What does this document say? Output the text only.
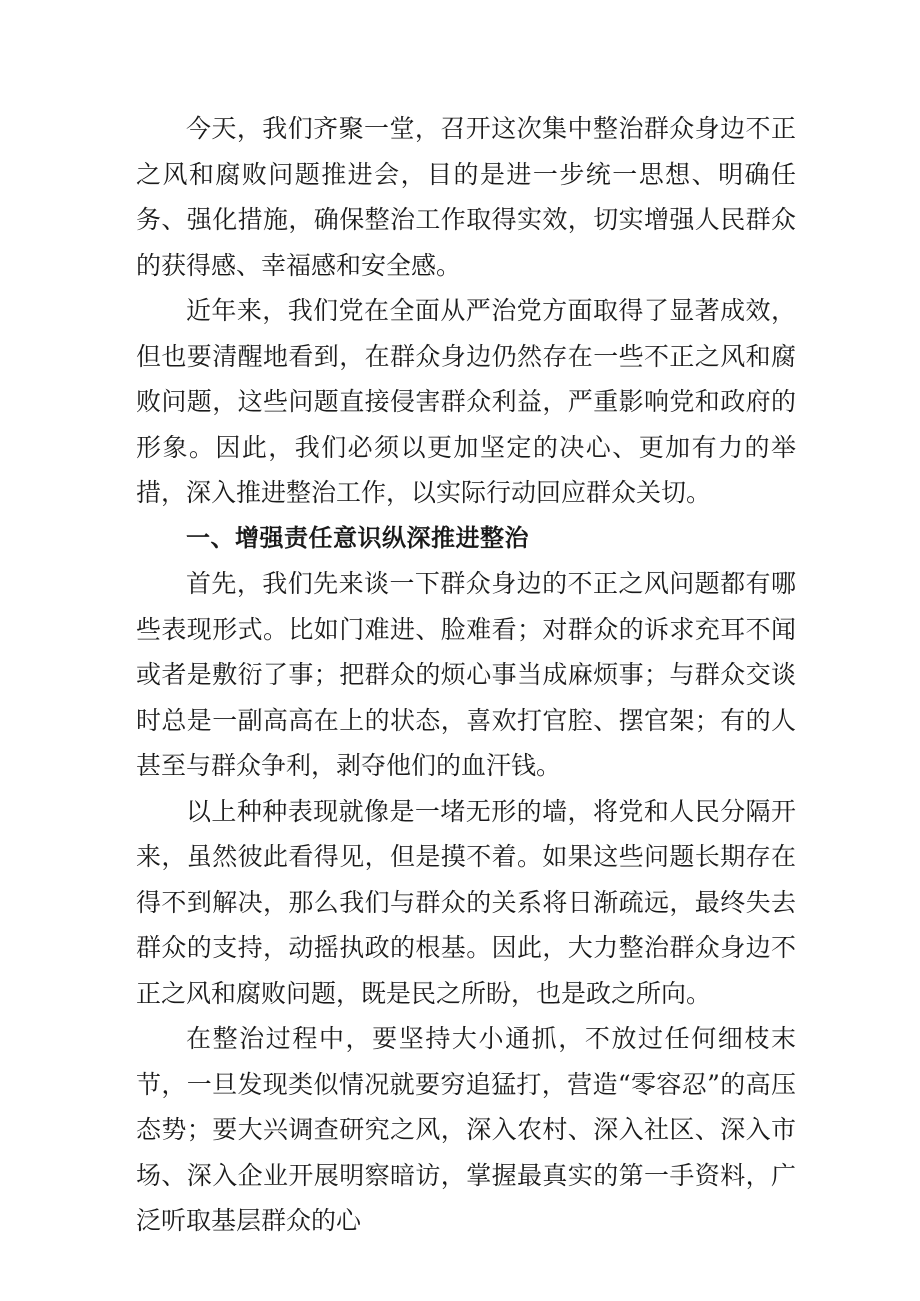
今天，我们齐聚一堂，召开这次集中整治群众身边不正之风和腐败问题推进会，目的是进一步统一思想、明确任务、强化措施，确保整治工作取得实效，切实增强人民群众的获得感、幸福感和安全感。

近年来，我们党在全面从严治党方面取得了显著成效，但也要清醒地看到，在群众身边仍然存在一些不正之风和腐败问题，这些问题直接侵害群众利益，严重影响党和政府的形象。因此，我们必须以更加坚定的决心、更加有力的举措，深入推进整治工作，以实际行动回应群众关切。

一、增强责任意识纵深推进整治

首先，我们先来谈一下群众身边的不正之风问题都有哪些表现形式。比如门难进、脸难看；对群众的诉求充耳不闻或者是敷衍了事；把群众的烦心事当成麻烦事；与群众交谈时总是一副高高在上的状态，喜欢打官腔、摆官架；有的人甚至与群众争利，剥夺他们的血汗钱。

以上种种表现就像是一堵无形的墙，将党和人民分隔开来，虽然彼此看得见，但是摸不着。如果这些问题长期存在得不到解决，那么我们与群众的关系将日渐疏远，最终失去群众的支持，动摇执政的根基。因此，大力整治群众身边不正之风和腐败问题，既是民之所盼，也是政之所向。

在整治过程中，要坚持大小通抓，不放过任何细枝末节，一旦发现类似情况就要穷追猛打，营造“零容忍”的高压态势；要大兴调查研究之风，深入农村、深入社区、深入市场、深入企业开展明察暗访，掌握最真实的第一手资料，广泛听取基层群众的心
